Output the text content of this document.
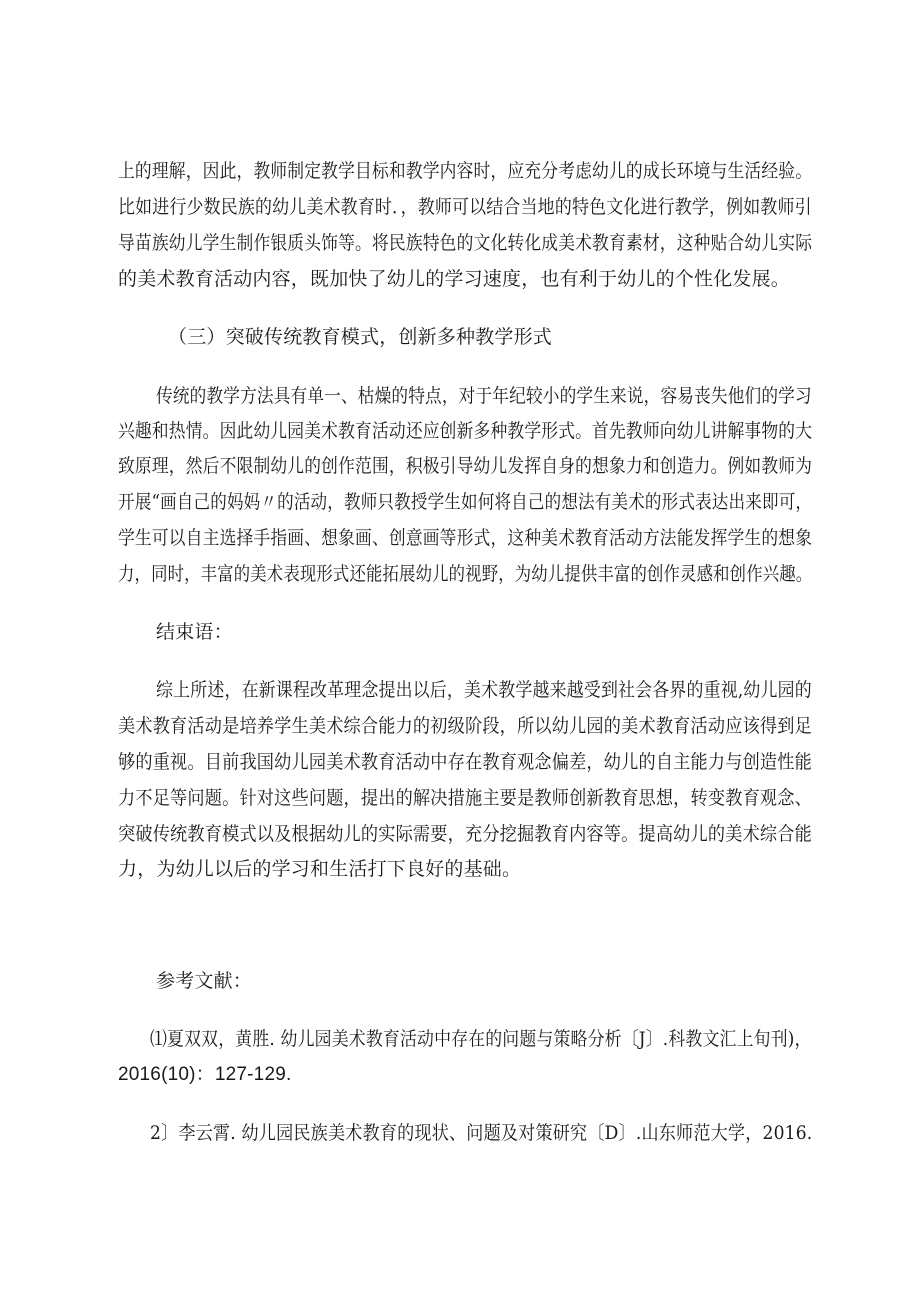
上的理解，因此，教师制定教学目标和教学内容时，应充分考虑幼儿的成长环境与生活经验。
比如进行少数民族的幼儿美术教育时．，教师可以结合当地的特色文化进行教学，例如教师引
导苗族幼儿学生制作银质头饰等。将民族特色的文化转化成美术教育素材，这种贴合幼儿实际
的美术教育活动内容，既加快了幼儿的学习速度，也有利于幼儿的个性化发展。
（三）突破传统教育模式，创新多种教学形式
传统的教学方法具有单一、枯燥的特点，对于年纪较小的学生来说，容易丧失他们的学习
兴趣和热情。因此幼儿园美术教育活动还应创新多种教学形式。首先教师向幼儿讲解事物的大
致原理，然后不限制幼儿的创作范围，积极引导幼儿发挥自身的想象力和创造力。例如教师为
开展“画自己的妈妈〃的活动，教师只教授学生如何将自己的想法有美术的形式表达出来即可，
学生可以自主选择手指画、想象画、创意画等形式，这种美术教育活动方法能发挥学生的想象
力，同时，丰富的美术表现形式还能拓展幼儿的视野，为幼儿提供丰富的创作灵感和创作兴趣。
结束语：
综上所述，在新课程改革理念提出以后，美术教学越来越受到社会各界的重视,幼儿园的
美术教育活动是培养学生美术综合能力的初级阶段，所以幼儿园的美术教育活动应该得到足
够的重视。目前我国幼儿园美术教育活动中存在教育观念偏差，幼儿的自主能力与创造性能
力不足等问题。针对这些问题，提出的解决措施主要是教师创新教育思想，转变教育观念、
突破传统教育模式以及根据幼儿的实际需要，充分挖掘教育内容等。提高幼儿的美术综合能
力，为幼儿以后的学习和生活打下良好的基础。
参考文献：
⑴夏双双，黄胜. 幼儿园美术教育活动中存在的问题与策略分析〔J〕.科教文汇上旬刊)，
2016(10)：127-129.
2〕李云霄. 幼儿园民族美术教育的现状、问题及对策研究〔D〕.山东师范大学，2016.
